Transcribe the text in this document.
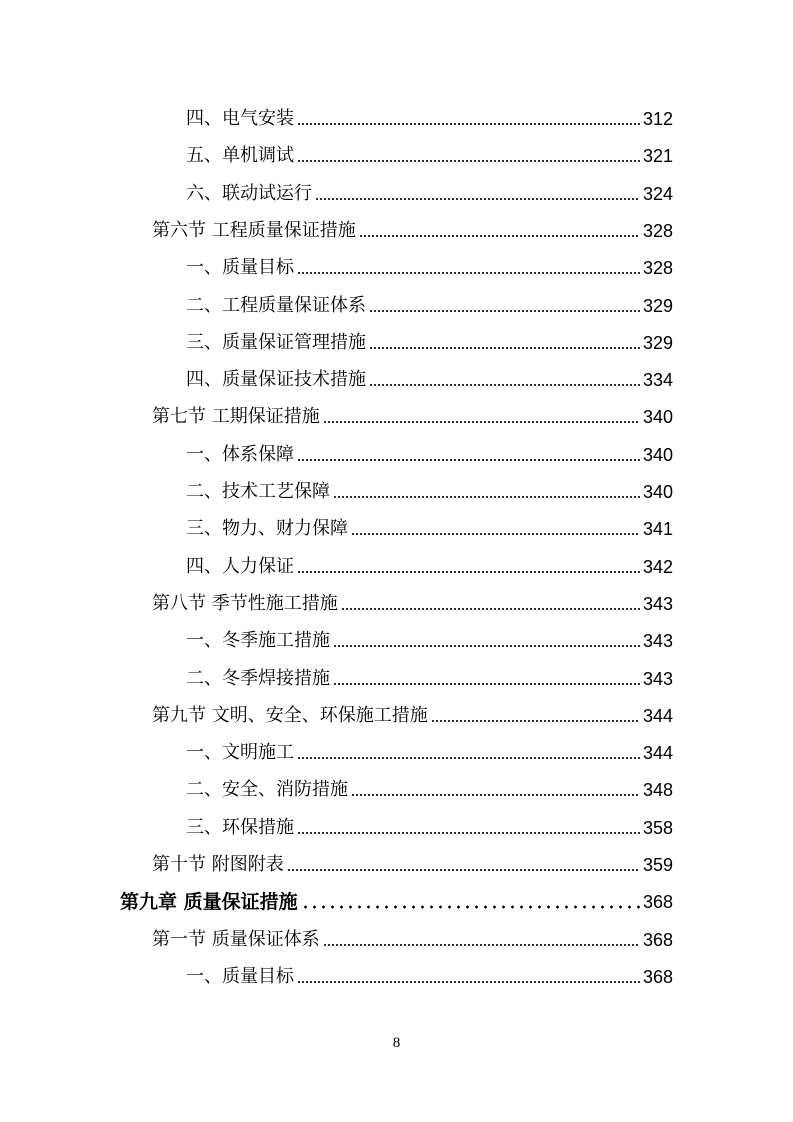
四、电气安装	312
五、单机调试	321
六、联动试运行	324
第六节 工程质量保证措施	328
一、质量目标	328
二、工程质量保证体系	329
三、质量保证管理措施	329
四、质量保证技术措施	334
第七节 工期保证措施	340
一、体系保障	340
二、技术工艺保障	340
三、物力、财力保障	341
四、人力保证	342
第八节 季节性施工措施	343
一、冬季施工措施	343
二、冬季焊接措施	343
第九节 文明、安全、环保施工措施	344
一、文明施工	344
二、安全、消防措施	348
三、环保措施	358
第十节 附图附表	359
第九章 质量保证措施	368
第一节 质量保证体系	368
一、质量目标	368
8
